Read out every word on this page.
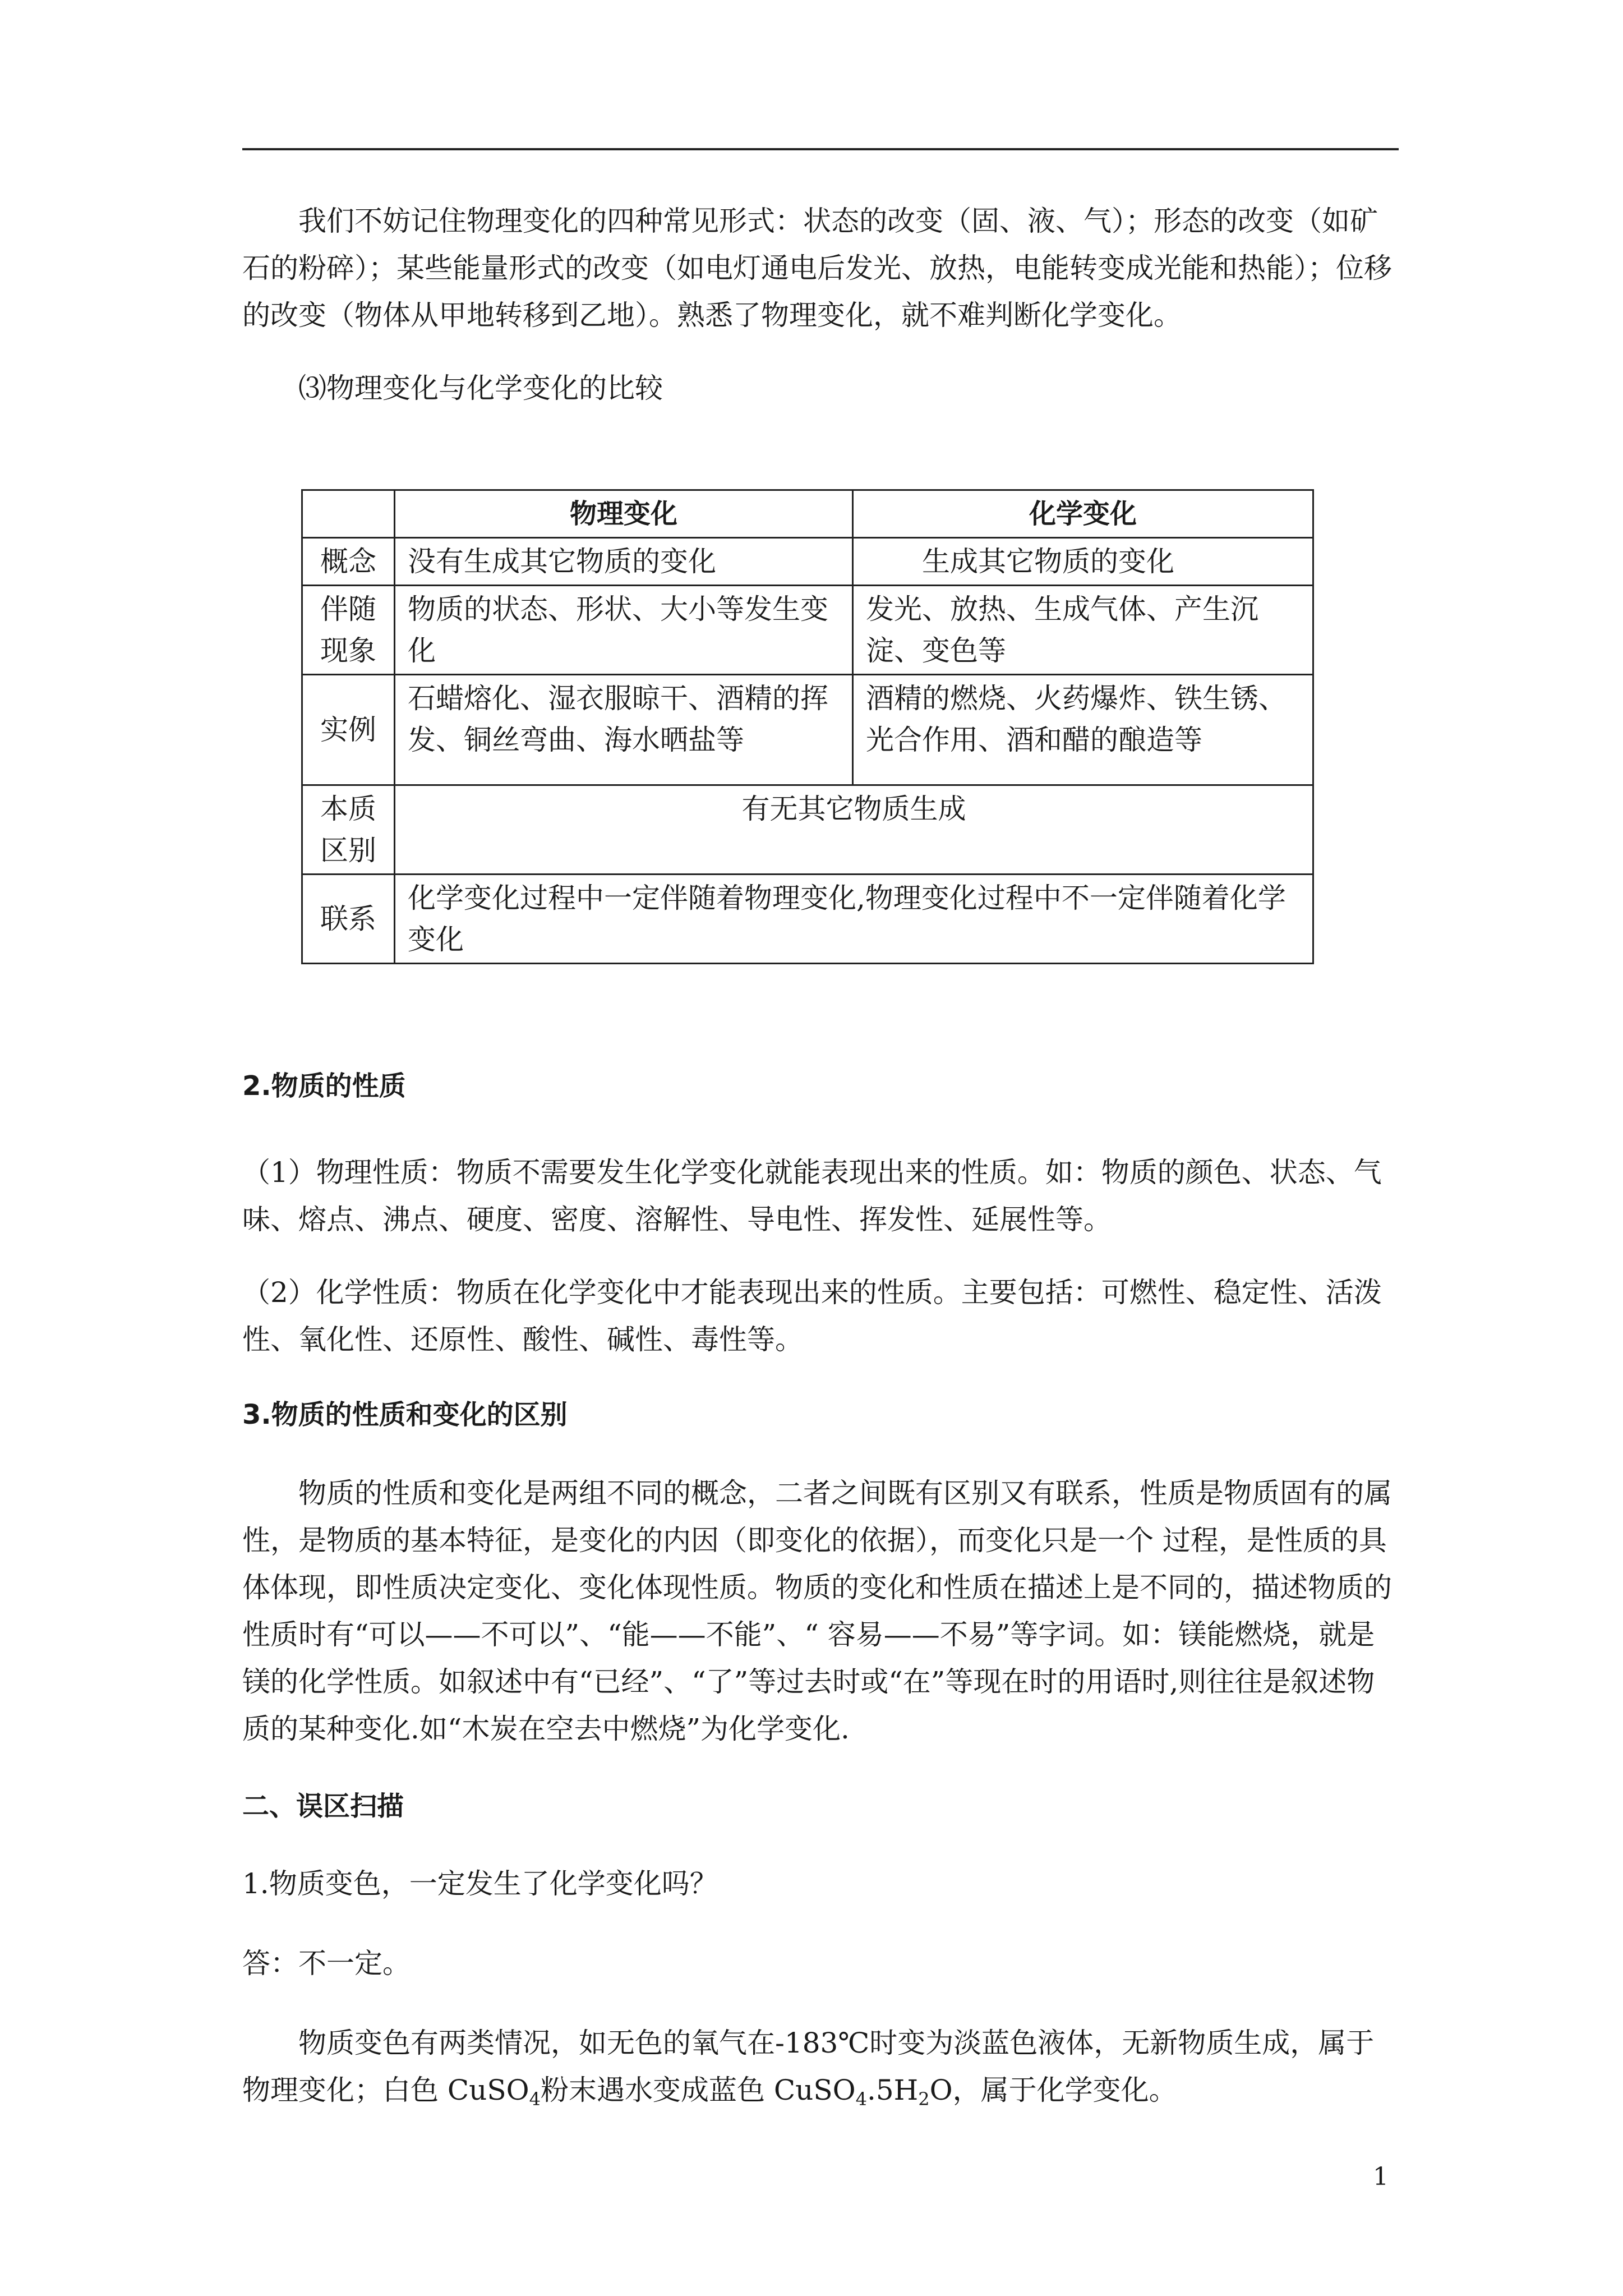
我们不妨记住物理变化的四种常见形式：状态的改变（固、液、气）；形态的改变（如矿石的粉碎）；某些能量形式的改变（如电灯通电后发光、放热，电能转变成光能和热能）；位移的改变（物体从甲地转移到乙地）。熟悉了物理变化，就不难判断化学变化。

⑶物理变化与化学变化的比较

	物理变化	化学变化
概念	没有生成其它物质的变化	生成其它物质的变化
伴随现象	物质的状态、形状、大小等发生变化	发光、放热、生成气体、产生沉淀、变色等
实例	石蜡熔化、湿衣服晾干、酒精的挥发、铜丝弯曲、海水晒盐等	酒精的燃烧、火药爆炸、铁生锈、光合作用、酒和醋的酿造等
本质区别	有无其它物质生成	
联系	化学变化过程中一定伴随着物理变化,物理变化过程中不一定伴随着化学变化	

2.物质的性质

（1）物理性质：物质不需要发生化学变化就能表现出来的性质。如：物质的颜色、状态、气味、熔点、沸点、硬度、密度、溶解性、导电性、挥发性、延展性等。

（2）化学性质：物质在化学变化中才能表现出来的性质。主要包括：可燃性、稳定性、活泼性、氧化性、还原性、酸性、碱性、毒性等。

3.物质的性质和变化的区别

物质的性质和变化是两组不同的概念，二者之间既有区别又有联系，性质是物质固有的属性，是物质的基本特征，是变化的内因（即变化的依据），而变化只是一个 过程，是性质的具体体现，即性质决定变化、变化体现性质。物质的变化和性质在描述上是不同的，描述物质的性质时有“可以——不可以”、“能——不能”、“ 容易——不易”等字词。如：镁能燃烧，就是镁的化学性质。如叙述中有“已经”、“了”等过去时或“在”等现在时的用语时,则往往是叙述物质的某种变化.如“木炭在空去中燃烧”为化学变化.

二、误区扫描

1.物质变色，一定发生了化学变化吗？

答：不一定。

物质变色有两类情况，如无色的氧气在-183℃时变为淡蓝色液体，无新物质生成，属于物理变化；白色 CuSO$_4$粉末遇水变成蓝色 $CuSO_4.5H_2O$，属于化学变化。

1
